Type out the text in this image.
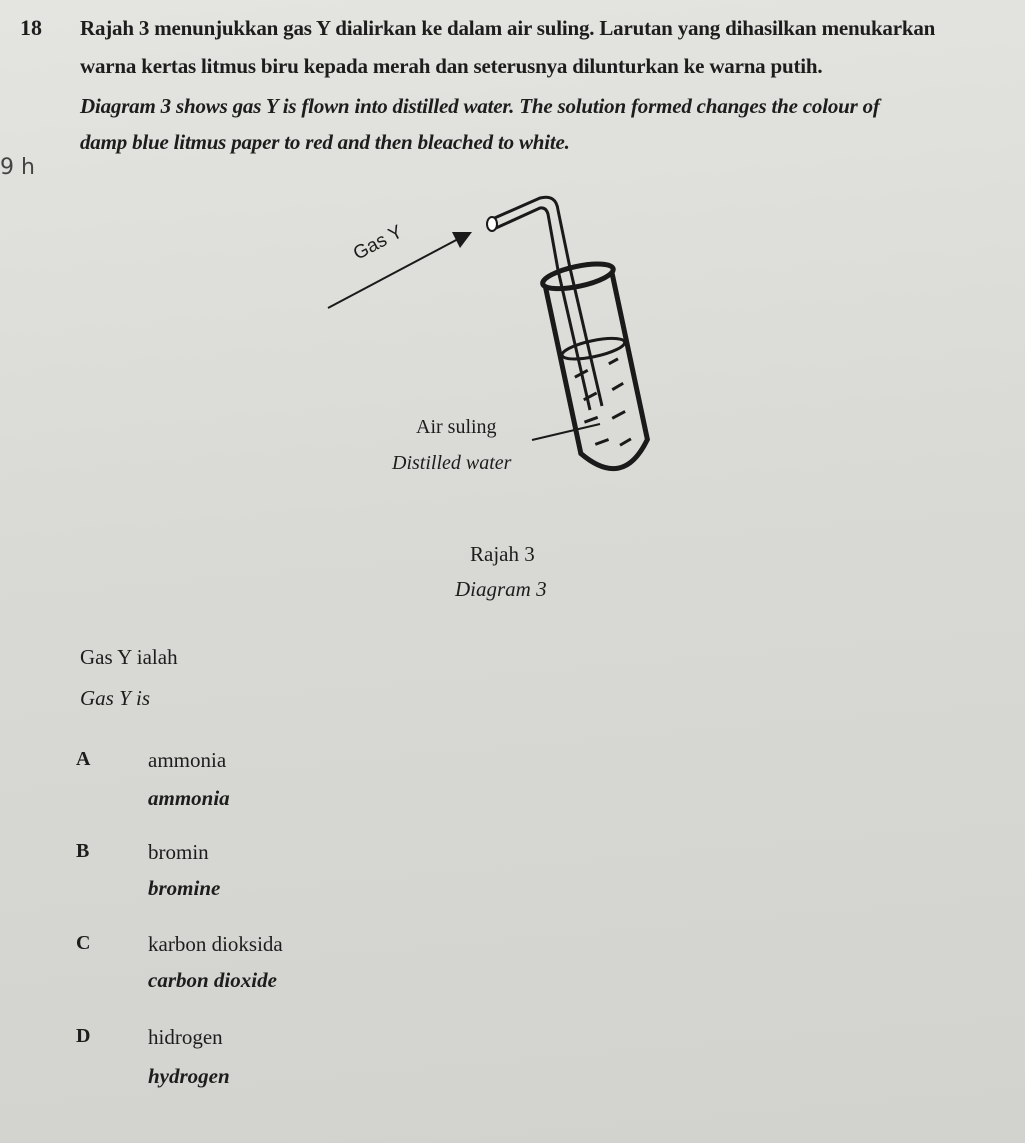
18 Rajah 3 menunjukkan gas Y dialirkan ke dalam air suling. Larutan yang dihasilkan menukarkan
warna kertas litmus biru kepada merah dan seterusnya dilunturkan ke warna putih.
Diagram 3 shows gas Y is flown into distilled water. The solution formed changes the colour of
damp blue litmus paper to red and then bleached to white.
9 h
Gas Y
Air suling
Distilled water
Rajah 3
Diagram 3
Gas Y ialah
Gas Y is
A	ammonia
ammonia
B	bromin
bromine
C	karbon dioksida
carbon dioxide
D	hidrogen
hydrogen
